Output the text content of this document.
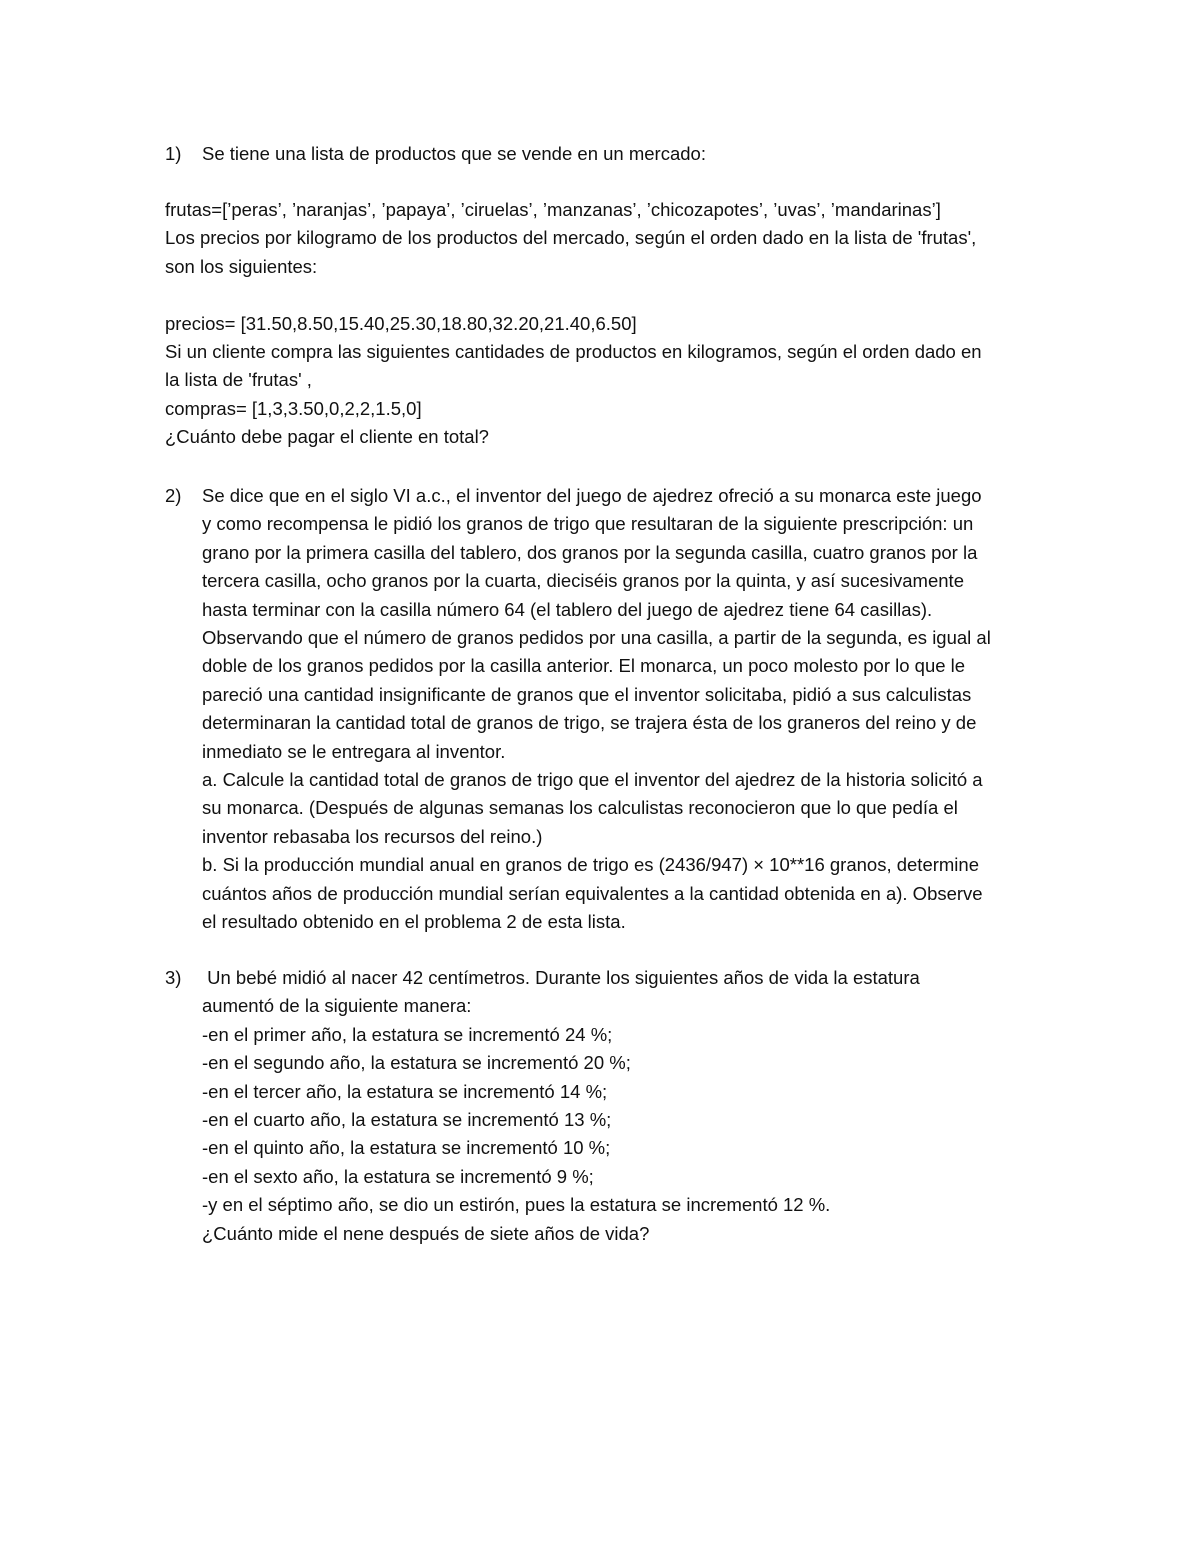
1) Se tiene una lista de productos que se vende en un mercado:
frutas=[’peras’, ’naranjas’, ’papaya’, ’ciruelas’, ’manzanas’, ’chicozapotes’, ’uvas’, ’mandarinas’]
Los precios por kilogramo de los productos del mercado, según el orden dado en la lista de 'frutas',
son los siguientes:
precios= [31.50,8.50,15.40,25.30,18.80,32.20,21.40,6.50]
Si un cliente compra las siguientes cantidades de productos en kilogramos, según el orden dado en
la lista de 'frutas' ,
compras= [1,3,3.50,0,2,2,1.5,0]
¿Cuánto debe pagar el cliente en total?
2) Se dice que en el siglo VI a.c., el inventor del juego de ajedrez ofreció a su monarca este juego
y como recompensa le pidió los granos de trigo que resultaran de la siguiente prescripción: un
grano por la primera casilla del tablero, dos granos por la segunda casilla, cuatro granos por la
tercera casilla, ocho granos por la cuarta, dieciséis granos por la quinta, y así sucesivamente
hasta terminar con la casilla número 64 (el tablero del juego de ajedrez tiene 64 casillas).
Observando que el número de granos pedidos por una casilla, a partir de la segunda, es igual al
doble de los granos pedidos por la casilla anterior. El monarca, un poco molesto por lo que le
pareció una cantidad insignificante de granos que el inventor solicitaba, pidió a sus calculistas
determinaran la cantidad total de granos de trigo, se trajera ésta de los graneros del reino y de
inmediato se le entregara al inventor.
a. Calcule la cantidad total de granos de trigo que el inventor del ajedrez de la historia solicitó a
su monarca. (Después de algunas semanas los calculistas reconocieron que lo que pedía el
inventor rebasaba los recursos del reino.)
b. Si la producción mundial anual en granos de trigo es (2436/947) × 10**16 granos, determine
cuántos años de producción mundial serían equivalentes a la cantidad obtenida en a). Observe
el resultado obtenido en el problema 2 de esta lista.
3) Un bebé midió al nacer 42 centímetros. Durante los siguientes años de vida la estatura
aumentó de la siguiente manera:
-en el primer año, la estatura se incrementó 24 %;
-en el segundo año, la estatura se incrementó 20 %;
-en el tercer año, la estatura se incrementó 14 %;
-en el cuarto año, la estatura se incrementó 13 %;
-en el quinto año, la estatura se incrementó 10 %;
-en el sexto año, la estatura se incrementó 9 %;
-y en el séptimo año, se dio un estirón, pues la estatura se incrementó 12 %.
¿Cuánto mide el nene después de siete años de vida?
